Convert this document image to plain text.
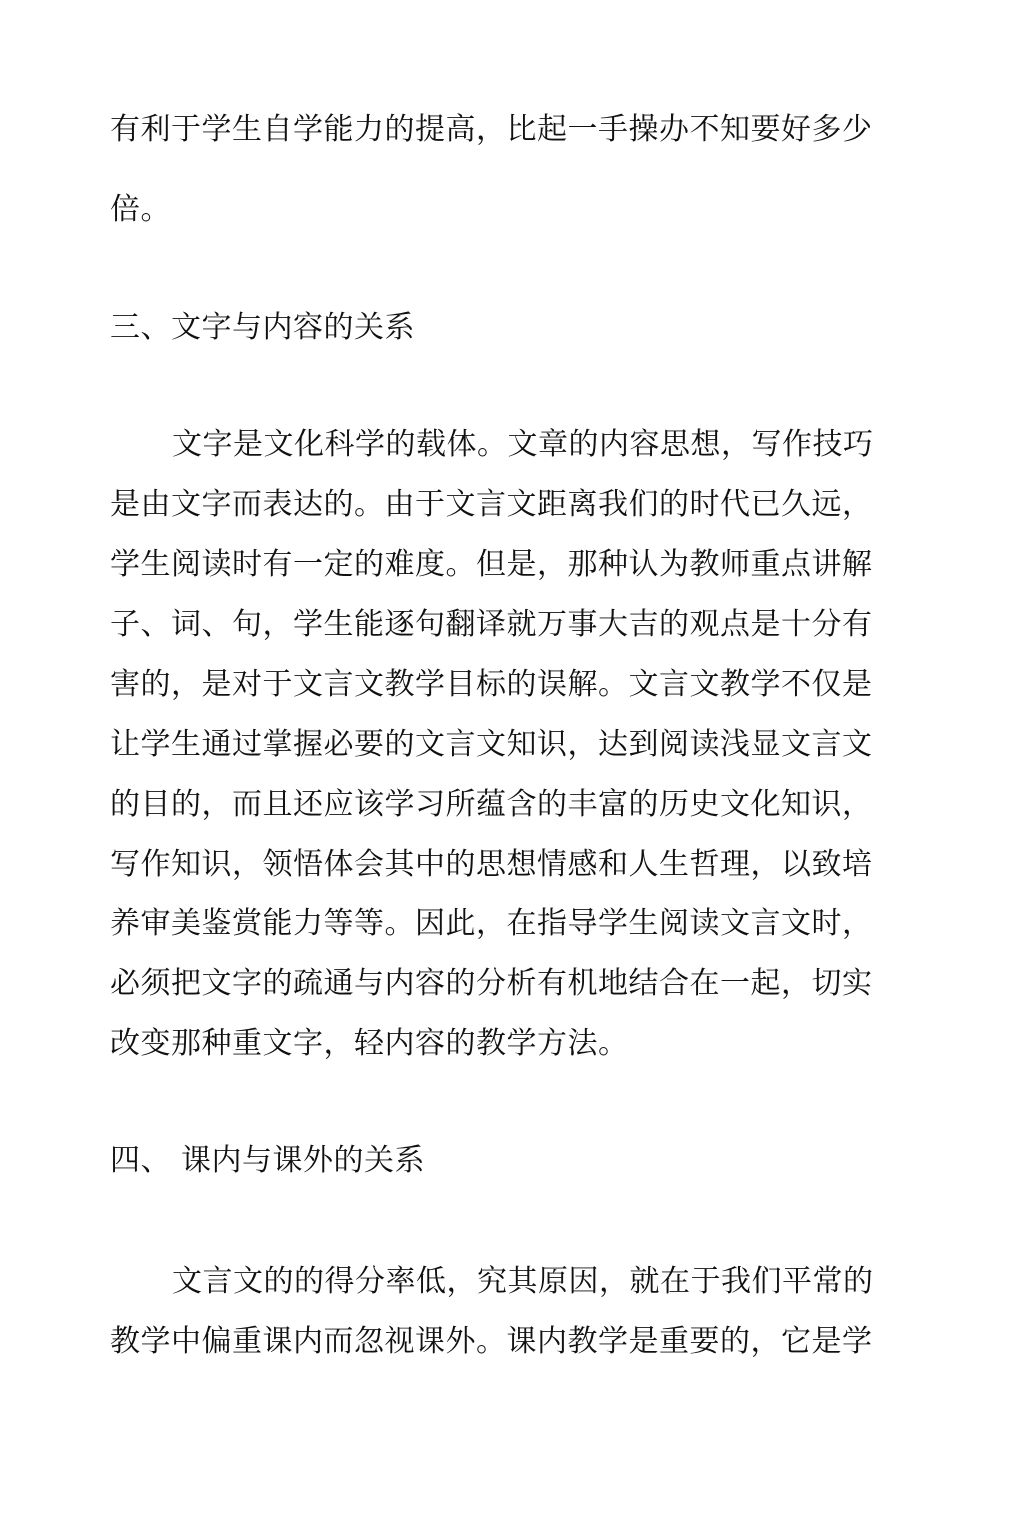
有利于学生自学能力的提高，比起一手操办不知要好多少
倍。
三、文字与内容的关系
文字是文化科学的载体。文章的内容思想，写作技巧
是由文字而表达的。由于文言文距离我们的时代已久远，
学生阅读时有一定的难度。但是，那种认为教师重点讲解
子、词、句，学生能逐句翻译就万事大吉的观点是十分有
害的，是对于文言文教学目标的误解。文言文教学不仅是
让学生通过掌握必要的文言文知识，达到阅读浅显文言文
的目的，而且还应该学习所蕴含的丰富的历史文化知识，
写作知识，领悟体会其中的思想情感和人生哲理，以致培
养审美鉴赏能力等等。因此，在指导学生阅读文言文时，
必须把文字的疏通与内容的分析有机地结合在一起，切实
改变那种重文字，轻内容的教学方法。
四、 课内与课外的关系
文言文的的得分率低，究其原因，就在于我们平常的
教学中偏重课内而忽视课外。课内教学是重要的，它是学
